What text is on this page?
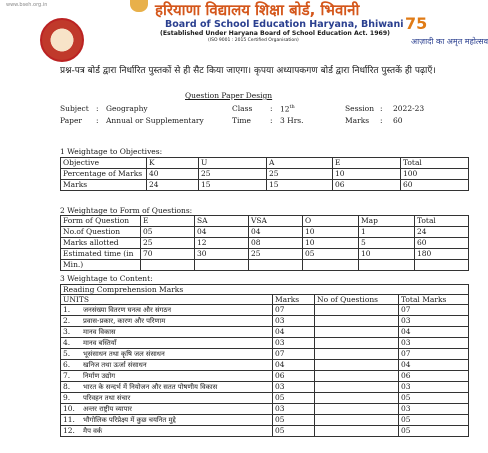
www.bseh.org.in	हरियाणा विद्यालय शिक्षा बोर्ड, भिवानी
Board of School Education Haryana, Bhiwani
(Established Under Haryana Board of School Education Act. 1969)
(ISO 9001 : 2015 Certified Organisation)
75
आज़ादी का अमृत महोत्सव
प्रश्न-पत्र बोर्ड द्वारा निर्धारित पुस्तकों से ही सैट किया जाएगा। कृपया अध्यापकगण बोर्ड द्वारा निर्धारित पुस्तकें ही पढ़ाएँ।
Question Paper Design
Subject : Geography	Class : 12th	Session : 2022-23
Paper : Annual or Supplementary	Time	: 3 Hrs.	Marks : 60
1 Weightage to Objectives:
Objective	K	U	A	E	Total
Percentage of Marks	40	25	25	10	100
Marks	24	15	15	06	60
2 Weightage to Form of Questions:
Form of Question	E	SA	VSA	O	Map	Total
No.of Question	05	04	04	10	1	24
Marks allotted	25	12	08	10	5	60
Estimated time (in	70	30	25	05	10	180
Min.)						
3 Weightage to Content:
Reading Comprehension Marks			
UNITS	Marks	No of Questions	Total Marks
1. जनसंख्या वितरण घनत्व और संगठन	07		07
2. प्रवास-प्रकार, कारण और परिणाम	03		03
3. मानव विकास	04		04
4. मानव बस्तियाँ	03		03
5. भूसंसाधन तथा कृषि जल संसाधन	07		07
6. खनिज तथा ऊर्जा संसाधन	04		04
7. निर्माण उद्योग	06		06
8. भारत के सन्दर्भ में नियोजन और सतत पोषणीय विकास	03		03
9. परिवहन तथा संचार	05		05
10. अन्तर राष्ट्रीय व्यापार	03		03
11. भौगोलिक परिप्रेक्ष्य में कुछ चयनित मुद्दे	05		05
12. मैप वर्क	05		05
